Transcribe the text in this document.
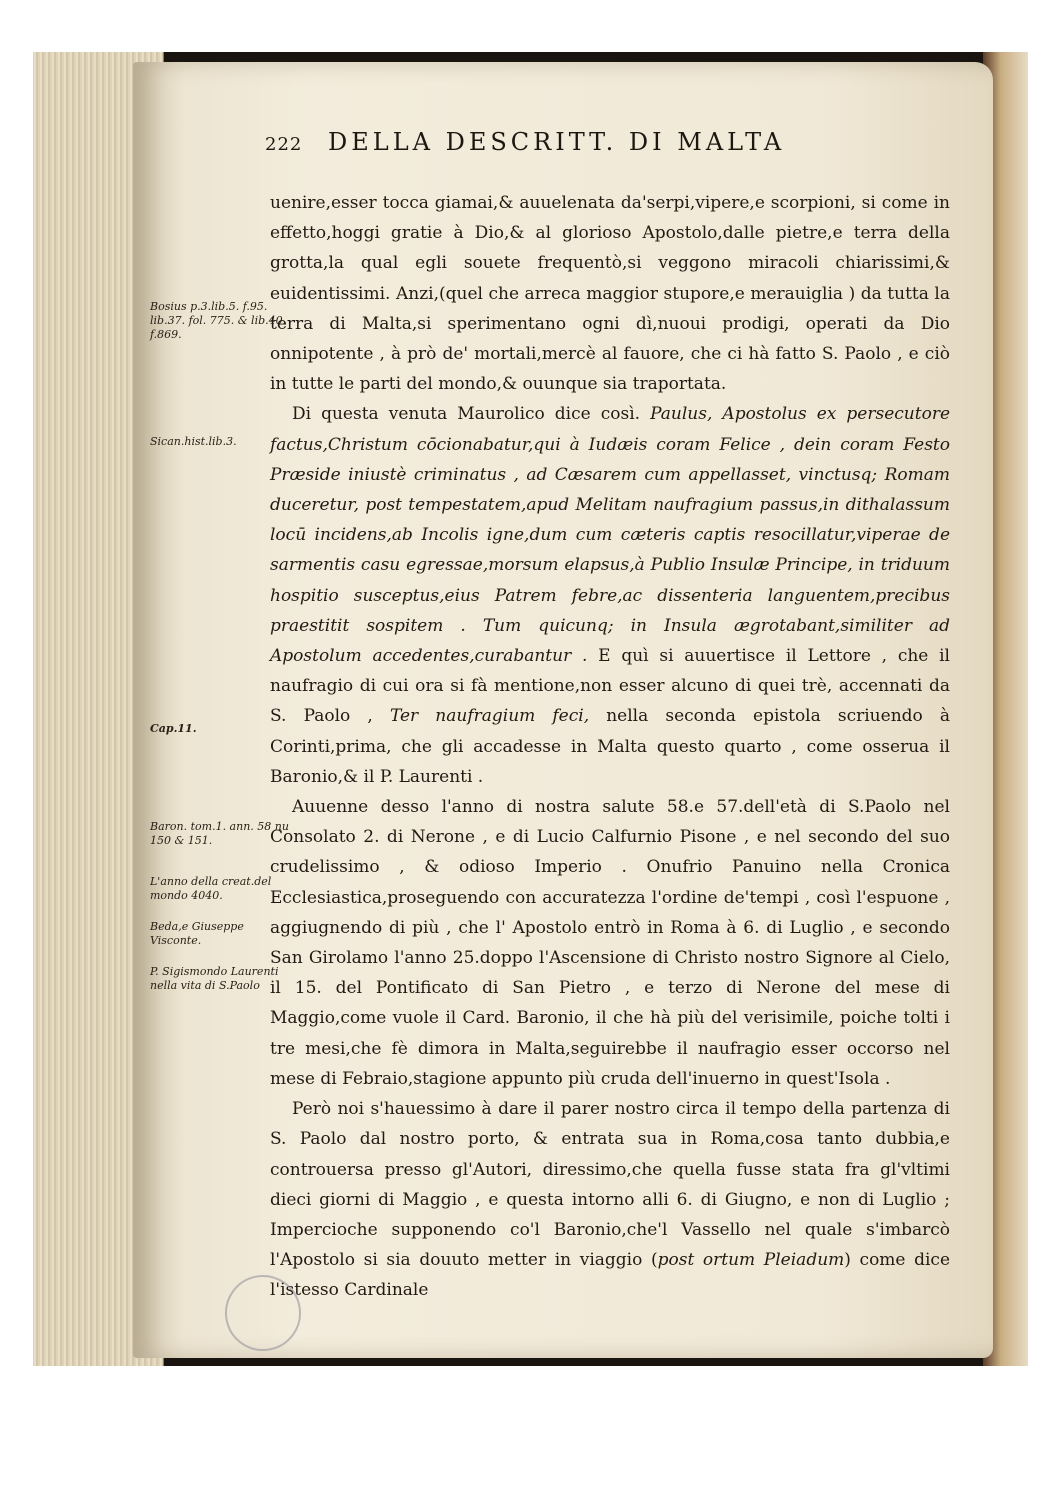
222 DELLA DESCRITT. DI MALTA
Bosius p.3.lib.5. f.95. lib.37. fol. 775. & lib.40. f.869.
Sican.hist.lib.3.
Cap.11.
Baron. tom.1. ann. 58 nu 150 & 151.
L'anno della creat.del mondo 4040.
Beda,e Giuseppe Visconte.
P. Sigismondo Laurenti nella vita di S.Paolo

uenire,esser tocca giamai,& auuelenata da'serpi,vipere,e scorpioni, si come in effetto,hoggi gratie à Dio,& al glorioso Apostolo,dalle pietre,e terra della grotta,la qual egli souete frequentò,si veggono miracoli chiarissimi,& euidentissimi. Anzi,(quel che arreca maggior stupore,e merauiglia ) da tutta la terra di Malta,si sperimentano ogni dì,nuoui prodigi, operati da Dio onnipotente , à prò de' mortali,mercè al fauore, che ci hà fatto S. Paolo , e ciò in tutte le parti del mondo,& ouunque sia traportata.

Di questa venuta Maurolico dice così. Paulus, Apostolus ex persecutore factus,Christum cōcionabatur,qui à Iudæis coram Felice , dein coram Festo Præside iniustè criminatus , ad Cæsarem cum appellasset, vinctusq; Romam duceretur, post tempestatem,apud Melitam naufragium passus,in dithalassum locū incidens,ab Incolis igne,dum cum cæteris captis resocillatur,viperae de sarmentis casu egressae,morsum elapsus,à Publio Insulæ Principe, in triduum hospitio susceptus,eius Patrem febre,ac dissenteria languentem,precibus praestitit sospitem . Tum quicunq; in Insula ægrotabant,similiter ad Apostolum accedentes,curabantur . E quì si auuertisce il Lettore , che il naufragio di cui ora si fà mentione,non esser alcuno di quei trè, accennati da S. Paolo , Ter naufragium feci, nella seconda epistola scriuendo à Corinti,prima, che gli accadesse in Malta questo quarto , come osserua il Baronio,& il P. Laurenti .

Auuenne desso l'anno di nostra salute 58.e 57.dell'età di S.Paolo nel Consolato 2. di Nerone , e di Lucio Calfurnio Pisone , e nel secondo del suo crudelissimo , & odioso Imperio . Onufrio Panuino nella Cronica Ecclesiastica,proseguendo con accuratezza l'ordine de'tempi , così l'espuone , aggiugnendo di più , che l' Apostolo entrò in Roma à 6. di Luglio , e secondo San Girolamo l'anno 25.doppo l'Ascensione di Christo nostro Signore al Cielo, il 15. del Pontificato di San Pietro , e terzo di Nerone del mese di Maggio,come vuole il Card. Baronio, il che hà più del verisimile, poiche tolti i tre mesi,che fè dimora in Malta,seguirebbe il naufragio esser occorso nel mese di Febraio,stagione appunto più cruda dell'inuerno in quest'Isola .

Però noi s'hauessimo à dare il parer nostro circa il tempo della partenza di S. Paolo dal nostro porto, & entrata sua in Roma,cosa tanto dubbia,e controuersa presso gl'Autori, diressimo,che quella fusse stata fra gl'vltimi dieci giorni di Maggio , e questa intorno alli 6. di Giugno, e non di Luglio ; Impercioche supponendo co'l Baronio,che'l Vassello nel quale s'imbarcò l'Apostolo si sia douuto metter in viaggio (post ortum Pleiadum) come dice l'istesso Cardinale
